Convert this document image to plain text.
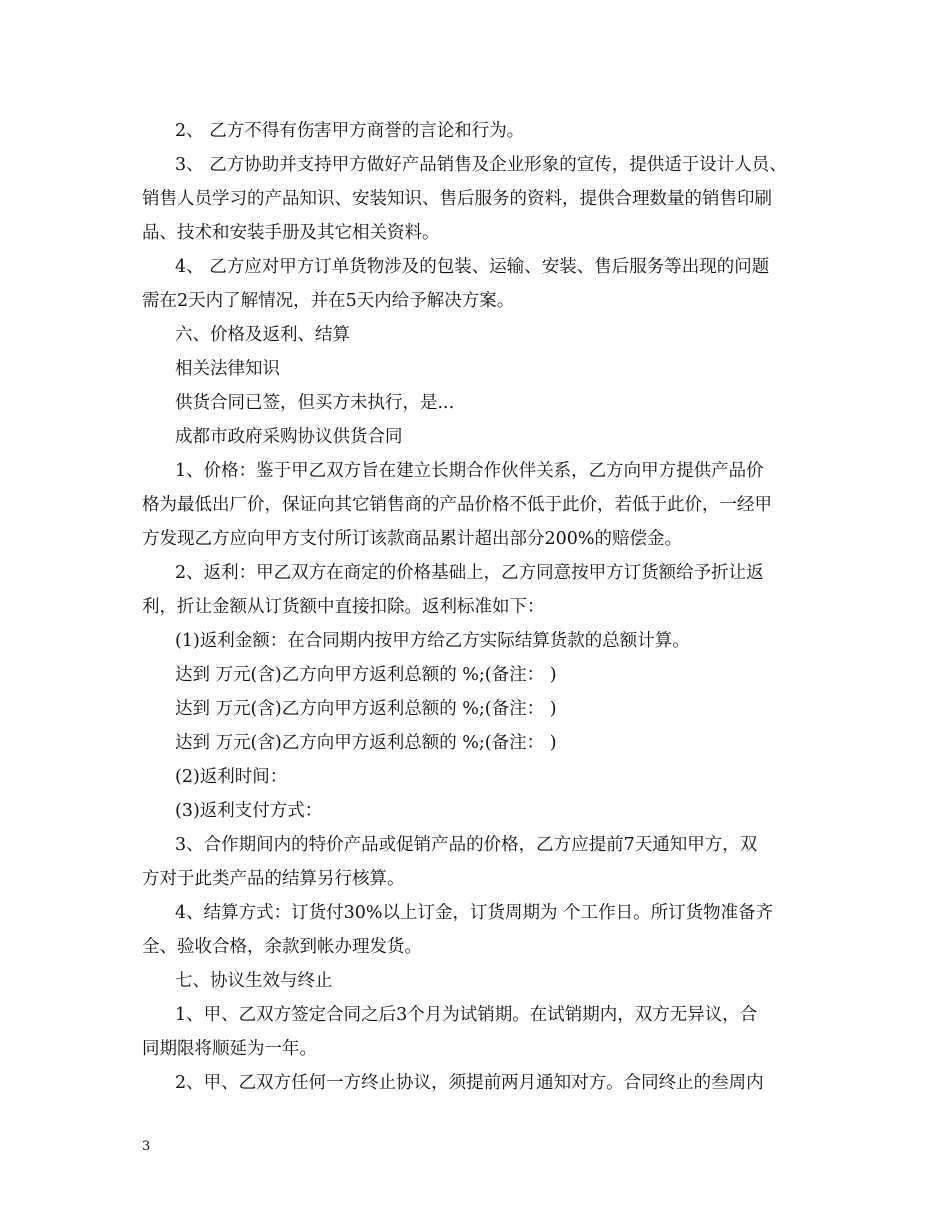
2、 乙方不得有伤害甲方商誉的言论和行为。
3、 乙方协助并支持甲方做好产品销售及企业形象的宣传，提供适于设计人员、
销售人员学习的产品知识、安装知识、售后服务的资料，提供合理数量的销售印刷
品、技术和安装手册及其它相关资料。
4、 乙方应对甲方订单货物涉及的包装、运输、安装、售后服务等出现的问题
需在2天内了解情况，并在5天内给予解决方案。
六、价格及返利、结算
相关法律知识
供货合同已签，但买方未执行，是...
成都市政府采购协议供货合同
1、价格：鉴于甲乙双方旨在建立长期合作伙伴关系，乙方向甲方提供产品价
格为最低出厂价，保证向其它销售商的产品价格不低于此价，若低于此价，一经甲
方发现乙方应向甲方支付所订该款商品累计超出部分200%的赔偿金。
2、返利：甲乙双方在商定的价格基础上，乙方同意按甲方订货额给予折让返
利，折让金额从订货额中直接扣除。返利标准如下：
(1)返利金额：在合同期内按甲方给乙方实际结算货款的总额计算。
达到 万元(含)乙方向甲方返利总额的 %;(备注： )
达到 万元(含)乙方向甲方返利总额的 %;(备注： )
达到 万元(含)乙方向甲方返利总额的 %;(备注： )
(2)返利时间：
(3)返利支付方式：
3、合作期间内的特价产品或促销产品的价格，乙方应提前7天通知甲方，双
方对于此类产品的结算另行核算。
4、结算方式：订货付30%以上订金，订货周期为 个工作日。所订货物准备齐
全、验收合格，余款到帐办理发货。
七、协议生效与终止
1、甲、乙双方签定合同之后3个月为试销期。在试销期内，双方无异议，合
同期限将顺延为一年。
2、甲、乙双方任何一方终止协议，须提前两月通知对方。合同终止的叁周内
3
